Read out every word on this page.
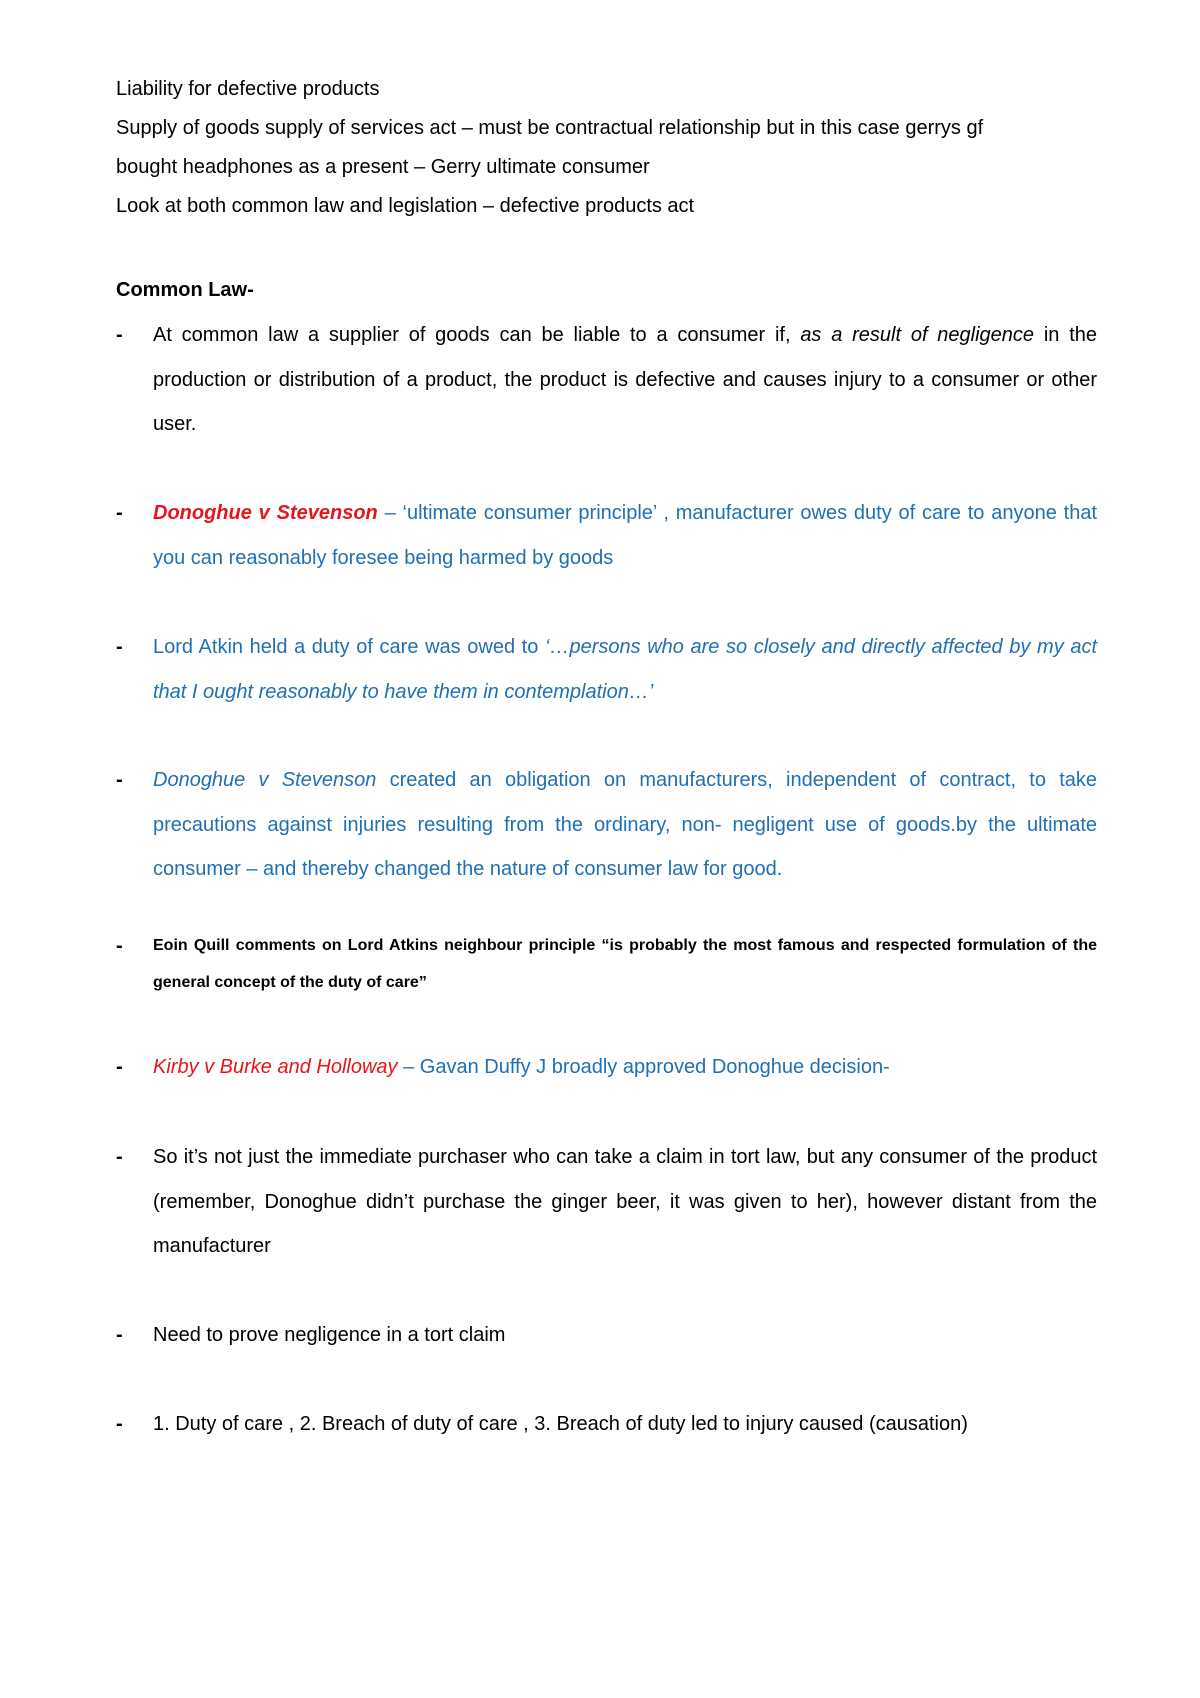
Liability for defective products
Supply of goods supply of services act – must be contractual relationship but in this case gerrys gf
bought headphones as a present – Gerry ultimate consumer
Look at both common law and legislation – defective products act
Common Law-
- At common law a supplier of goods can be liable to a consumer if, as a result of negligence in the production or distribution of a product, the product is defective and causes injury to a consumer or other user.
- Donoghue v Stevenson – ‘ultimate consumer principle’ , manufacturer owes duty of care to anyone that you can reasonably foresee being harmed by goods
- Lord Atkin held a duty of care was owed to ‘…persons who are so closely and directly affected by my act that I ought reasonably to have them in contemplation…’
- Donoghue v Stevenson created an obligation on manufacturers, independent of contract, to take precautions against injuries resulting from the ordinary, non- negligent use of goods.by the ultimate consumer – and thereby changed the nature of consumer law for good.
- Eoin Quill comments on Lord Atkins neighbour principle “is probably the most famous and respected formulation of the general concept of the duty of care”
- Kirby v Burke and Holloway – Gavan Duffy J broadly approved Donoghue decision-
- So it’s not just the immediate purchaser who can take a claim in tort law, but any consumer of the product (remember, Donoghue didn’t purchase the ginger beer, it was given to her), however distant from the manufacturer
- Need to prove negligence in a tort claim
- 1. Duty of care , 2. Breach of duty of care , 3. Breach of duty led to injury caused (causation)
